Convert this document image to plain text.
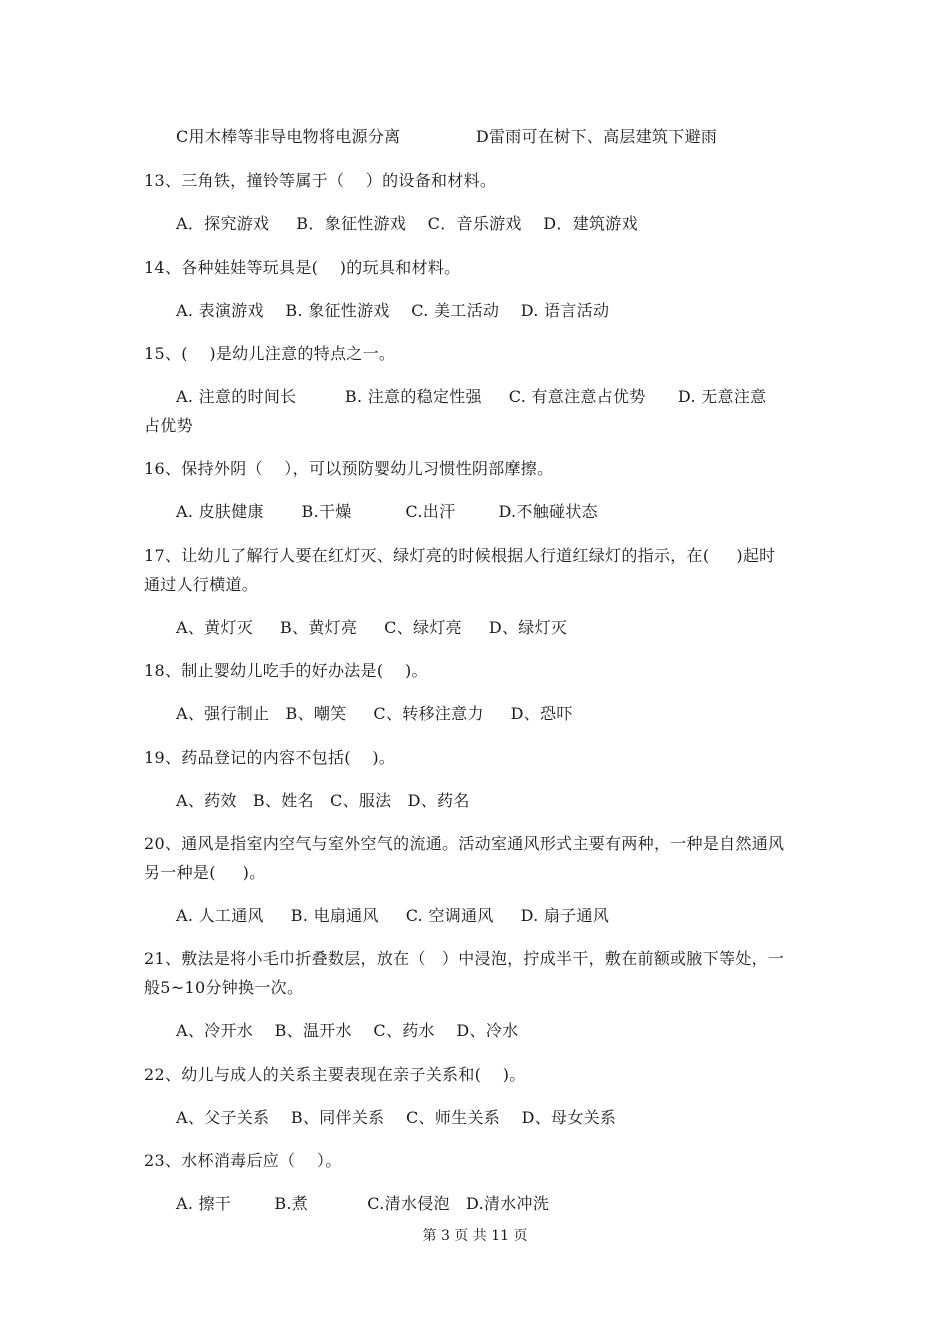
C用木棒等非导电物将电源分离              D雷雨可在树下、高层建筑下避雨
13、三角铁，撞铃等属于（    ）的设备和材料。
A．探究游戏     B．象征性游戏    C．音乐游戏    D．建筑游戏
14、各种娃娃等玩具是(    )的玩具和材料。
A. 表演游戏    B. 象征性游戏    C. 美工活动    D. 语言活动
15、(    )是幼儿注意的特点之一。
A. 注意的时间长         B. 注意的稳定性强     C. 有意注意占优势      D. 无意注意
占优势
16、保持外阴（    ），可以预防婴幼儿习惯性阴部摩擦。
A. 皮肤健康       B.干燥          C.出汗        D.不触碰状态
17、让幼儿了解行人要在红灯灭、绿灯亮的时候根据人行道红绿灯的指示，在(     )起时
通过人行横道。
A、黄灯灭     B、黄灯亮     C、绿灯亮     D、绿灯灭
18、制止婴幼儿吃手的好办法是(    )。
A、强行制止   B、嘲笑     C、转移注意力     D、恐吓
19、药品登记的内容不包括(    )。
A、药效   B、姓名   C、服法   D、药名
20、通风是指室内空气与室外空气的流通。活动室通风形式主要有两种，一种是自然通风
另一种是(     )。
A. 人工通风     B. 电扇通风     C. 空调通风     D. 扇子通风
21、敷法是将小毛巾折叠数层，放在（   ）中浸泡，拧成半干，敷在前额或腋下等处，一
般5~10分钟换一次。
A、冷开水    B、温开水    C、药水    D、冷水
22、幼儿与成人的关系主要表现在亲子关系和(    )。
A、父子关系    B、同伴关系    C、师生关系    D、母女关系
23、水杯消毒后应（    ）。
A. 擦干        B.煮           C.清水侵泡   D.清水冲洗
第 3 页 共 11 页
